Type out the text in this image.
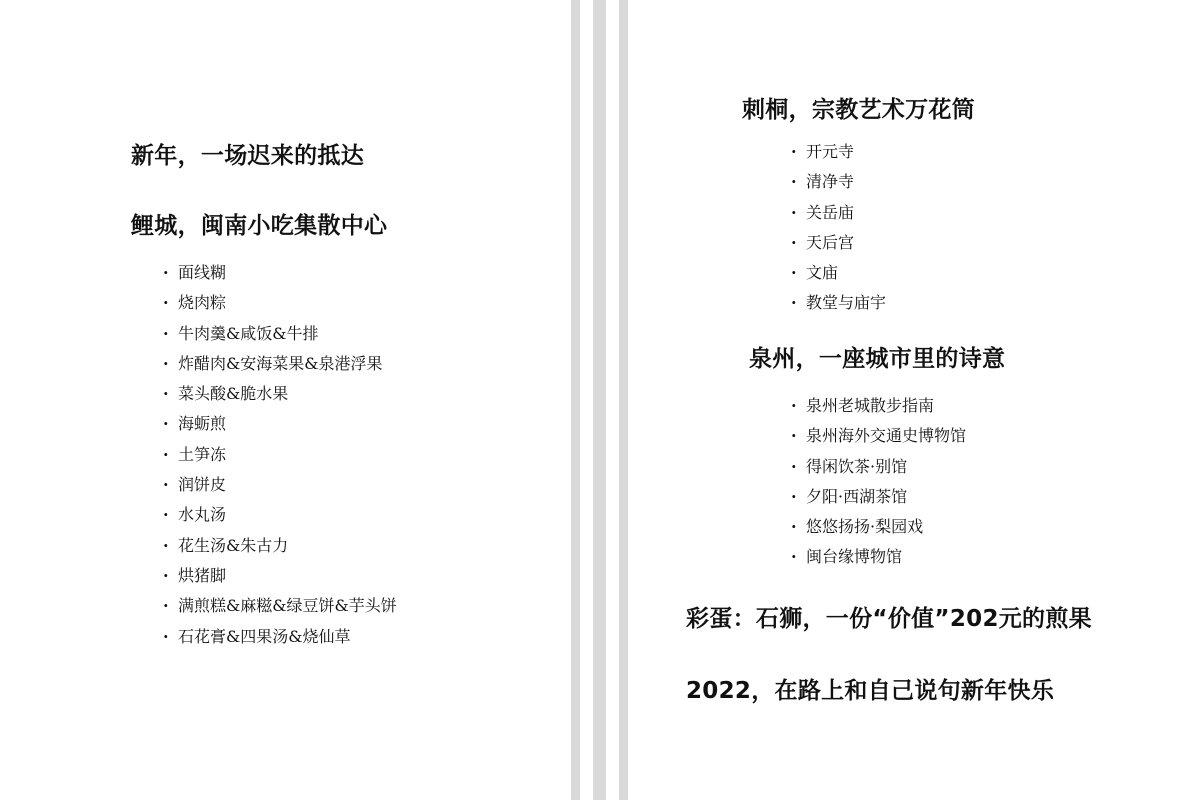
新年，一场迟来的抵达
鲤城，闽南小吃集散中心
· 面线糊
· 烧肉粽
· 牛肉羹&咸饭&牛排
· 炸醋肉&安海菜果&泉港浮果
· 菜头酸&脆水果
· 海蛎煎
· 土笋冻
· 润饼皮
· 水丸汤
· 花生汤&朱古力
· 烘猪脚
· 满煎糕&麻糍&绿豆饼&芋头饼
· 石花膏&四果汤&烧仙草
刺桐，宗教艺术万花筒
· 开元寺
· 清净寺
· 关岳庙
· 天后宫
· 文庙
· 教堂与庙宇
泉州，一座城市里的诗意
· 泉州老城散步指南
· 泉州海外交通史博物馆
· 得闲饮茶·别馆
· 夕阳·西湖茶馆
· 悠悠扬扬·梨园戏
· 闽台缘博物馆
彩蛋：石狮，一份“价值”202元的煎果
2022，在路上和自己说句新年快乐
